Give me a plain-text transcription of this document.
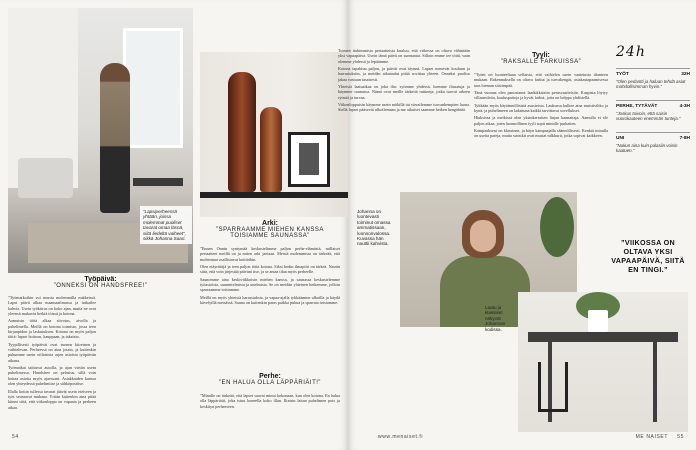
”Lapsiperheessä yhtään, joissa molemmat puoliset tavarat omaa läsnä, siitä liedeltä vaiheet”, sikkä Johanna Saari.
Työpäivä:
”ONNEKSI ON HANDSFREE!”

”Työmatkoihin voi nousta molemmilla mätkeissä. Lapsi päivä alkaa maamaailmassa ja tutkailee kahvia. Usein työkiirus on koko ajan, mutta ne ovat yleensä mukavia hetkiä töissä ja kotona.

Aamuisin töitä alkaa siivotus, aivolla ja puhelimella. Meillä on kotona toimisto, jossa teen kirjanpidon ja laskutuksen. Kotona on myös paljon töitä: lapset hoitoon, kauppaan, ja takaisin.

Tyypillisesti työpäivät ovat monen kiireinen ja vaihtelevan. Perheessä on aina jotain, ja kuitenkin puhumme usein erilaisista arjen asioista työpäivän aikana.

Työmatkat taittuvat autolla, ja ajan vietän usein puhelimessa. Handsfree on pelastus, sillä voin hoitaa asioita myös ajaessani. Asiakkaiden kanssa olen yhteydessä puhelimitse ja sähköpostitse.

Illalla kotiin tullessa tavarat jäävät usein eteiseen ja työt seuraavat mukana. Yritän kuitenkin aina pitää kiinni siitä, että viikonloppu on vapaata ja perheen aikaa.

Arki:
”SPARRAAMME MIEHEN KANSSA TOISIAMME SAUNASSA”

”Ennen Onnin syntymää keskustelimme paljon perhe-elämästä, millaiset periaatteet meillä on ja miten arki jaetaan. Meistä molemmista on tärkeää, että molemmat osallistuvat kotitöihin.

Olen etäyrittäjä ja teen paljon töitä kotona. Siksi kodin ilmapiiri on tärkeä. Nautin siitä, että voin järjestää päiväni itse, ja se antaa tilaa myös perheelle.

Saunomme aina keskiviikkoisin miehen kanssa, ja saunassa keskustelemme työasioista, suunnitelmista ja unelmista. Se on meidän yhteinen hetkemme, jolloin sparraamme toisiamme.

Meillä on myös yhteisiä harrastuksia, ja vapaa-ajalla tykkäämme ulkoilla ja käydä kävelyillä metsässä. Sauna on kuitenkin paras paikka puhua ja sparrata toisiamme.

Perhe:
”EN HALUA OLLA LÄPPÄRIÄIT!”

”Minulle on tärkeää, että lapset saavat minut kokonaan, kun olen kotona. En halua olla läppäriäiti, joka istuu koneella koko illan. Iltaisin laitan puhelimen pois ja keskityn perheeseen.

54

Toimen tiukimmista periaatteista kuuluu, että viikossa on oltava vähintään yksi vapaapäivä. Usein tämä päivä on sunnuntai. Silloin emme tee töitä, vaan olemme yhdessä ja lepäämme.

Kotona tapahtuu paljon, ja päivät ovat täynnä. Lapset menevät kouluun ja harrastuksiin, ja meidän aikataulut pitää sovittaa yhteen. Onneksi puoliso jakaa vastuun tasaisesti.

Yhteistä laatuaikaa on joka ilta: syömme yhdessä, luemme iltasatuja ja käymme saunassa. Nämä ovat meille tärkeitä rutiineja, jotka tuovat arkeen rytmiä ja turvaa.

Viikonloppuisin käymme usein mökillä tai vierailemme isovanhempien luona. Siellä lapset pääsevät ulkoilemaan ja me aikuiset saamme hetken hengähtää.

Johanna on luontevasti toiminut omassa ammatissaan, luonnonvalossa. Kuvassa hän nauttii kahvista.
Tyyli:
”RAKSALLE FARKUISSA”

”Työni on luonteeltaan sellaista, että vaihtelen usein vaatetusta tilanteen mukaan. Rakennuksella on oltava farkut ja turvakengät, asiakastapaamisessa taas hieman siistimpää.

Tänä vuonna olen panostanut laadukkaisiin perusvaatteisiin. Kaapista löytyy villaneuleita, kauluspaitoja ja hyvät farkut, joita on helppo yhdistellä.

Tykkään myös käytännöllisistä asusteista. Laukussa kulkee aina muistivihko ja kynä, ja puhelimeen on ladattuna kaikki tarvittavat sovellukset.

Hiuksissa ja meikissä olen yksinkertaisen linjan kannattaja. Aamulla ei ole paljon aikaa, joten luonnollinen tyyli sopii minulle parhaiten.

Kampaukseni on klassinen, ja käyn kampaajalla säännöllisesti. Kenkiä minulla on useita pareja, mutta suosikit ovat mustat nilkkurit, jotka sopivat kaikkeen.

24h
TYÖT	32H
”Olen pedantti ja haluan tehdä asiat mahdollisimman hyvin.”
PERHE, TYTÄVÄT	4-3H
”Joskus toivoin, että saisin vuorokauteen enemmän tunteja.”
UNI	7-8H
”Nukun aina kuin palasiin voisin kaatuen.”
”VIIKOSSA ON OLTAVA YKSI VAPAAPÄIVÄ, SIITÄ EN TINGI.”
Laatu ja klassiset näkyvät Johannan kodissa.
www.menaiset.fi	ME NAISET 55
